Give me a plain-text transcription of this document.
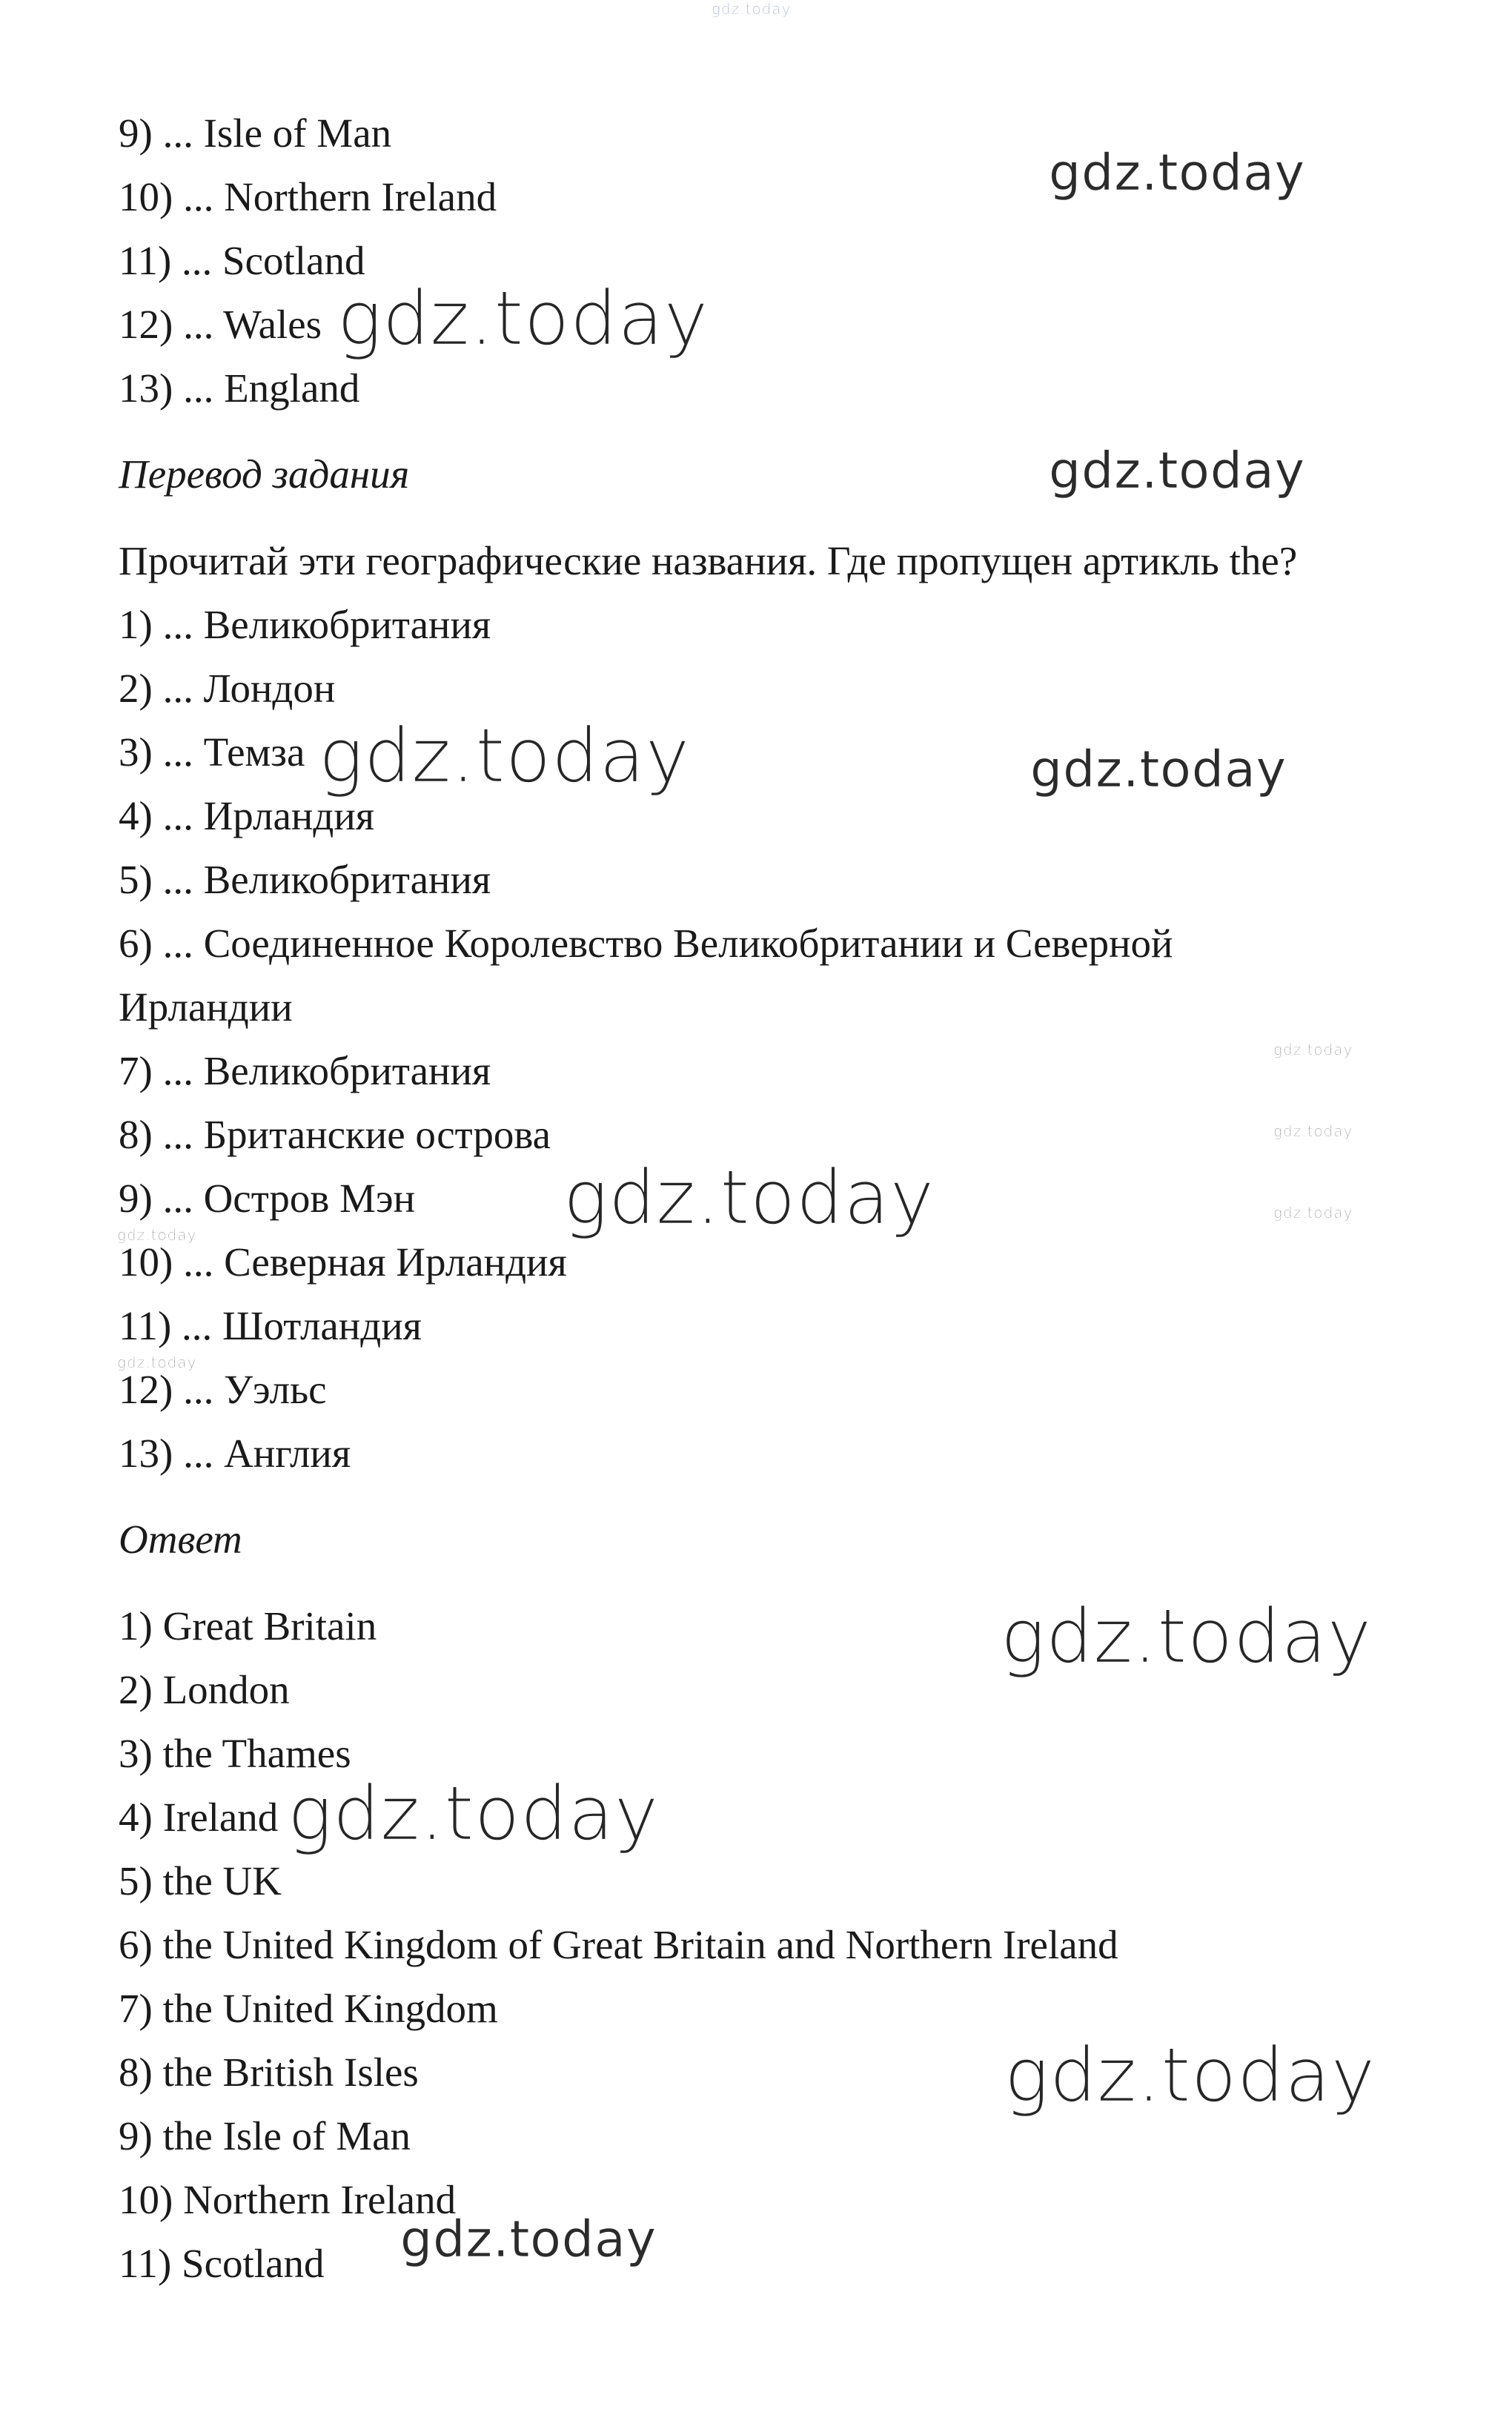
gdz.today
9) ... Isle of Man
10) ... Northern Ireland
11) ... Scotland
12) ... Wales
13) ... England
Перевод задания
Прочитай эти географические названия. Где пропущен артикль the?
1) ... Великобритания
2) ... Лондон
3) ... Темза
4) ... Ирландия
5) ... Великобритания
6) ... Соединенное Королевство Великобритании и Северной
Ирландии
7) ... Великобритания
8) ... Британские острова
9) ... Остров Мэн
10) ... Северная Ирландия
11) ... Шотландия
12) ... Уэльс
13) ... Англия
Ответ
1) Great Britain
2) London
3) the Thames
4) Ireland
5) the UK
6) the United Kingdom of Great Britain and Northern Ireland
7) the United Kingdom
8) the British Isles
9) the Isle of Man
10) Northern Ireland
11) Scotland
gdz.today
gdz.today
gdz.today
gdz.today
gdz.today
gdz.today
gdz.today
gdz.today
gdz.today
gdz.today
gdz.today
gdz.today
gdz.today
gdz.today
gdz.today
